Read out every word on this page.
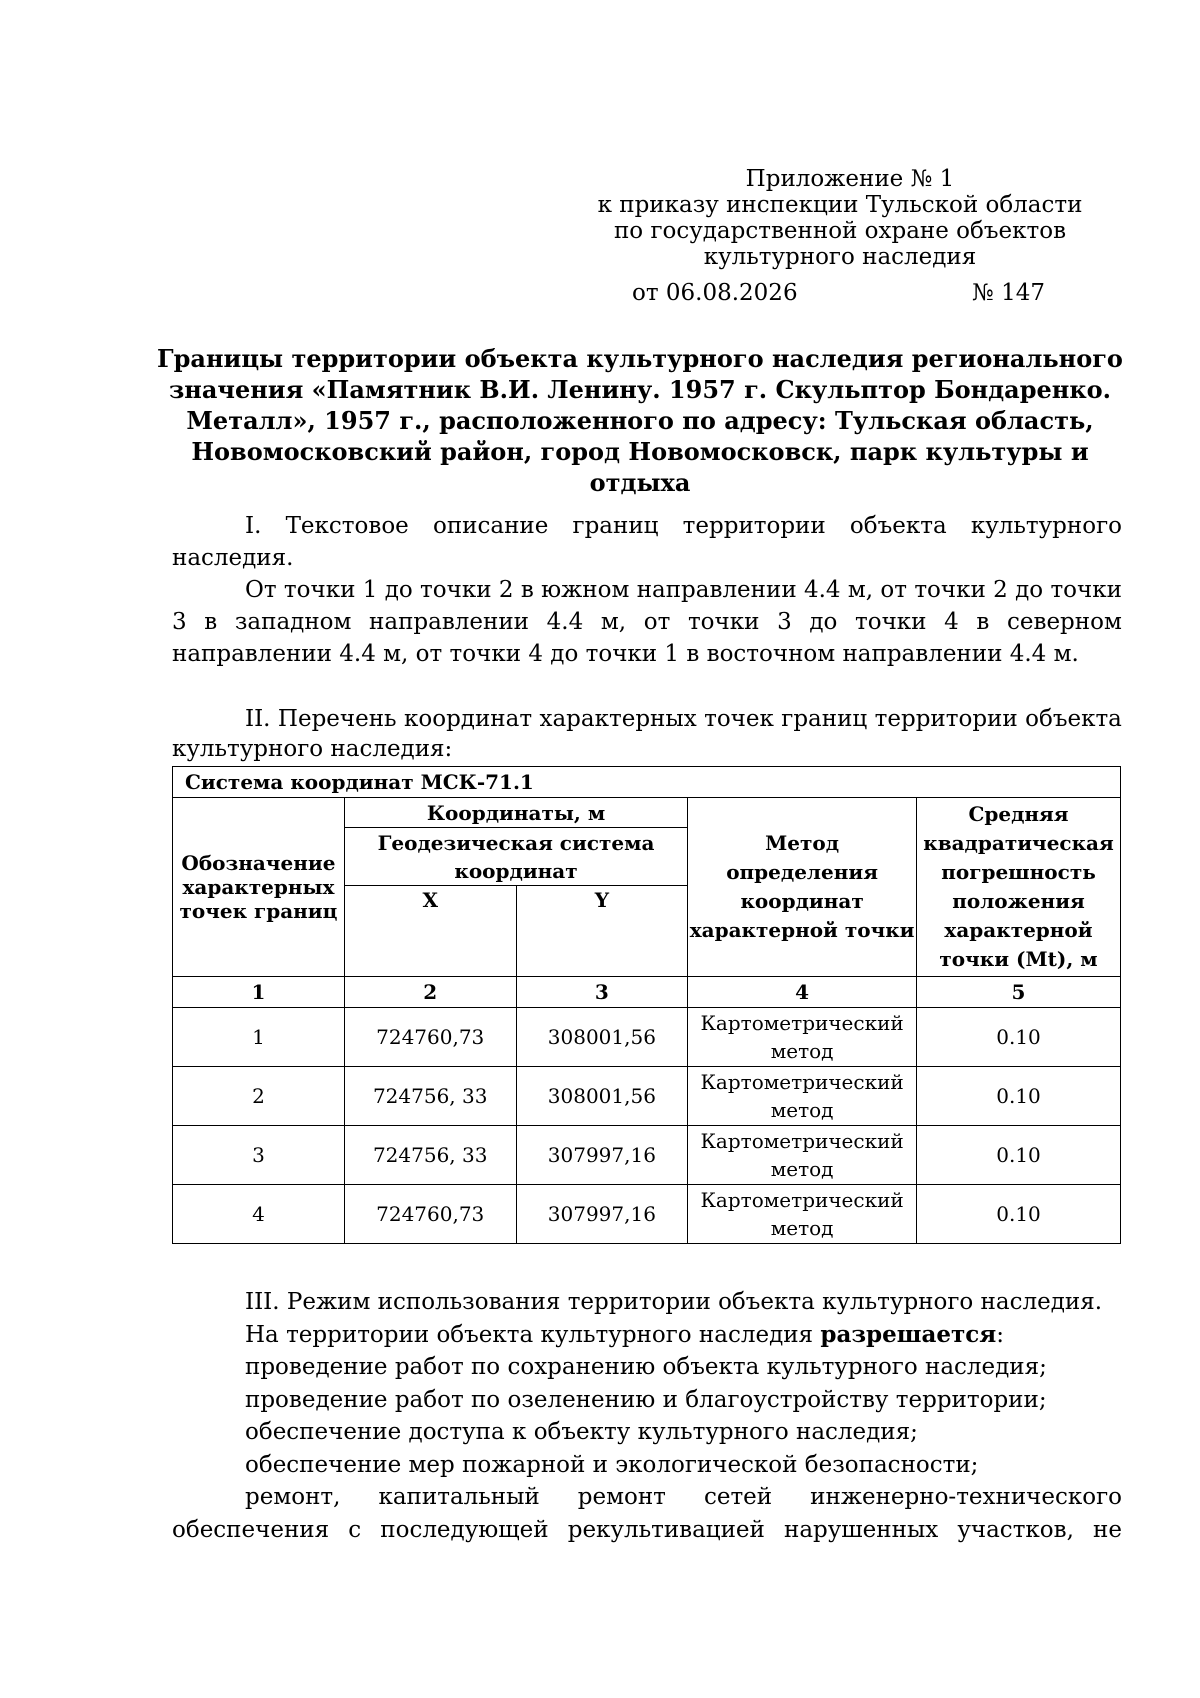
Приложение № 1
к приказу инспекции Тульской области
по государственной охране объектов
культурного наследия
от 06.08.2026	№ 147
Границы территории объекта культурного наследия регионального
значения «Памятник В.И. Ленину. 1957 г. Скульптор Бондаренко.
Металл», 1957 г., расположенного по адресу: Тульская область,
Новомосковский район, город Новомосковск, парк культуры и отдыха
I. Текстовое описание границ территории объекта культурного
наследия.
От точки 1 до точки 2 в южном направлении 4.4 м, от точки 2 до точки
3 в западном направлении 4.4 м, от точки 3 до точки 4 в северном
направлении 4.4 м, от точки 4 до точки 1 в восточном направлении 4.4 м.
II. Перечень координат характерных точек границ территории объекта
культурного наследия:
Система координат МСК-71.1				
Обозначение характерных точек границ	Координаты, м		Метод определения координат характерной точки	Средняя квадратическая погрешность положения характерной точки (Mt), м
	Геодезическая система координат			
	X	Y		
1	2	3	4	5
1	724760,73	308001,56	Картометрический метод	0.10
2	724756, 33	308001,56	Картометрический метод	0.10
3	724756, 33	307997,16	Картометрический метод	0.10
4	724760,73	307997,16	Картометрический метод	0.10
III. Режим использования территории объекта культурного наследия.
На территории объекта культурного наследия разрешается:
проведение работ по сохранению объекта культурного наследия;
проведение работ по озеленению и благоустройству территории;
обеспечение доступа к объекту культурного наследия;
обеспечение мер пожарной и экологической безопасности;
ремонт, капитальный ремонт сетей инженерно-технического
обеспечения с последующей рекультивацией нарушенных участков, не
